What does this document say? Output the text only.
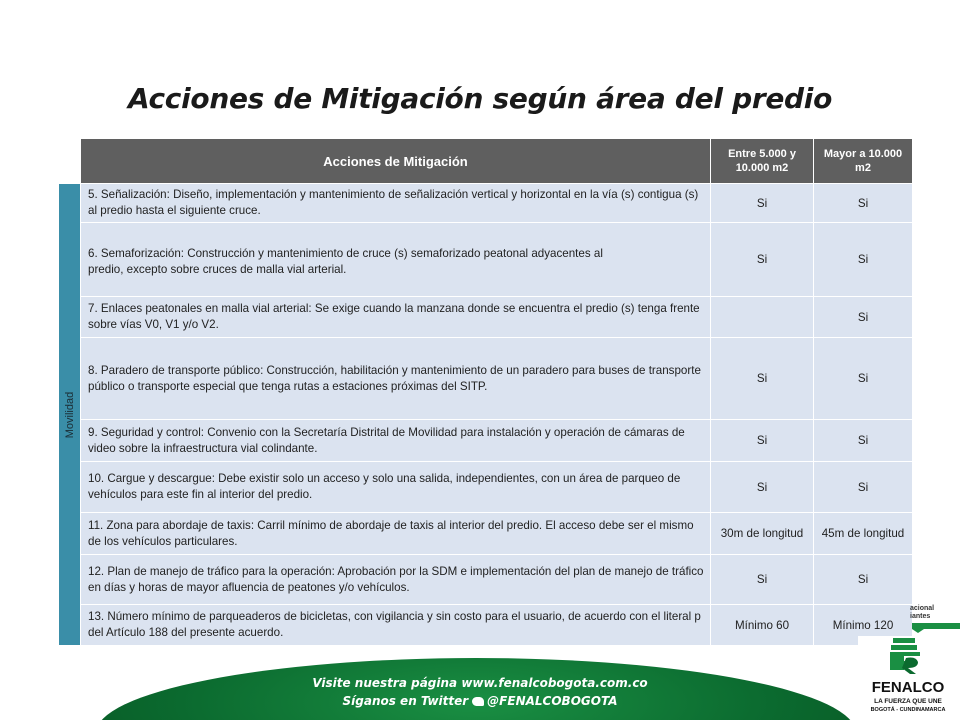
Acciones de Mitigación según área del predio
	Acciones de Mitigación	Entre 5.000 y 10.000 m2	Mayor a 10.000 m2

Movilidad	5. Señalización: Diseño, implementación y mantenimiento de señalización vertical y horizontal en la vía (s) contigua (s) al predio hasta el siguiente cruce.	Si	Si

	6. Semaforización: Construcción y mantenimiento de cruce (s) semaforizado peatonal adyacentes al
predio, excepto sobre cruces de malla vial arterial.	Si	Si
	7. Enlaces peatonales en malla vial arterial: Se exige cuando la manzana donde se encuentra el predio (s) tenga frente sobre vías V0, V1 y/o V2.		Si
	8. Paradero de transporte público: Construcción, habilitación y mantenimiento de un paradero para buses de transporte público o transporte especial que tenga rutas a estaciones próximas del SITP.	Si	Si
	9. Seguridad y control: Convenio con la Secretaría Distrital de Movilidad para instalación y operación de cámaras de video sobre la infraestructura vial colindante.	Si	Si
	10. Cargue y descargue: Debe existir solo un acceso y solo una salida, independientes, con un área de parqueo de vehículos para este fin al interior del predio.	Si	Si
	11. Zona para abordaje de taxis: Carril mínimo de abordaje de taxis al interior del predio. El acceso debe ser el mismo de los vehículos particulares.	30m de longitud	45m de longitud
	12. Plan de manejo de tráfico para la operación: Aprobación por la SDM e implementación del plan de manejo de tráfico en días y horas de mayor afluencia de peatones y/o vehículos.	Si	Si
	13. Número mínimo de parqueaderos de bicicletas, con vigilancia y sin costo para el usuario, de acuerdo con el literal p del Artículo 188 del presente acuerdo.	Mínimo 60	Mínimo 120
acional
iantes
Visite nuestra página www.fenalcobogota.com.co
Síganos en Twitter @FENALCOBOGOTA
FENALCO
LA FUERZA QUE UNE
BOGOTÁ - CUNDINAMARCA
